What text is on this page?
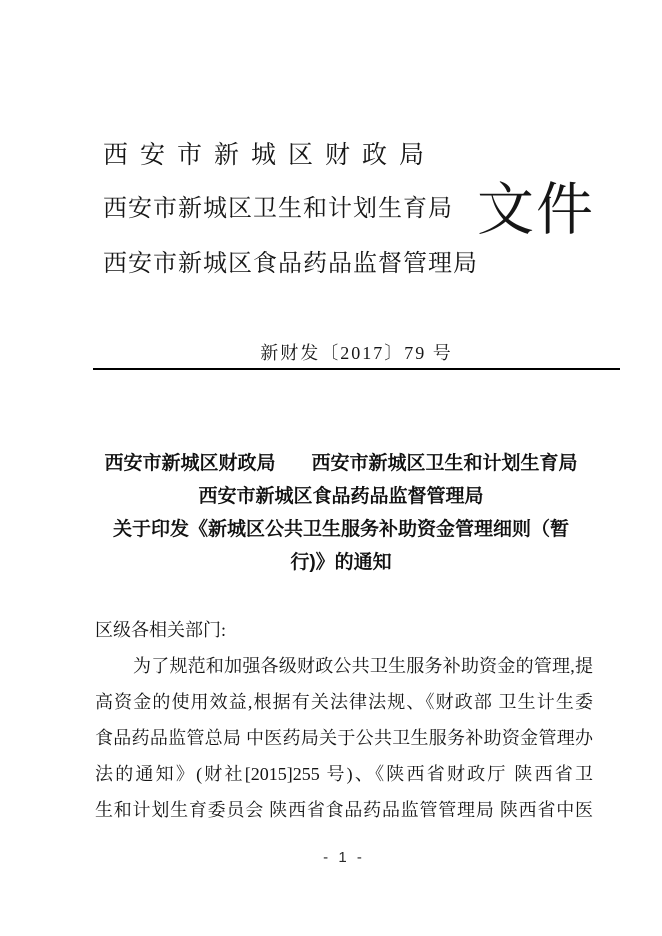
西安市新城区财政局
西安市新城区卫生和计划生育局
西安市新城区食品药品监督管理局
文件
新财发〔2017〕79 号
西安市新城区财政局 西安市新城区卫生和计划生育局
西安市新城区食品药品监督管理局
关于印发《新城区公共卫生服务补助资金管理细则（暂
行)》的通知
区级各相关部门:
为了规范和加强各级财政公共卫生服务补助资金的管理,提
高资金的使用效益,根据有关法律法规、《财政部 卫生计生委
食品药品监管总局 中医药局关于公共卫生服务补助资金管理办
法的通知》(财社[2015]255 号)、《陕西省财政厅 陕西省卫
生和计划生育委员会 陕西省食品药品监管管理局 陕西省中医
- 1 -
